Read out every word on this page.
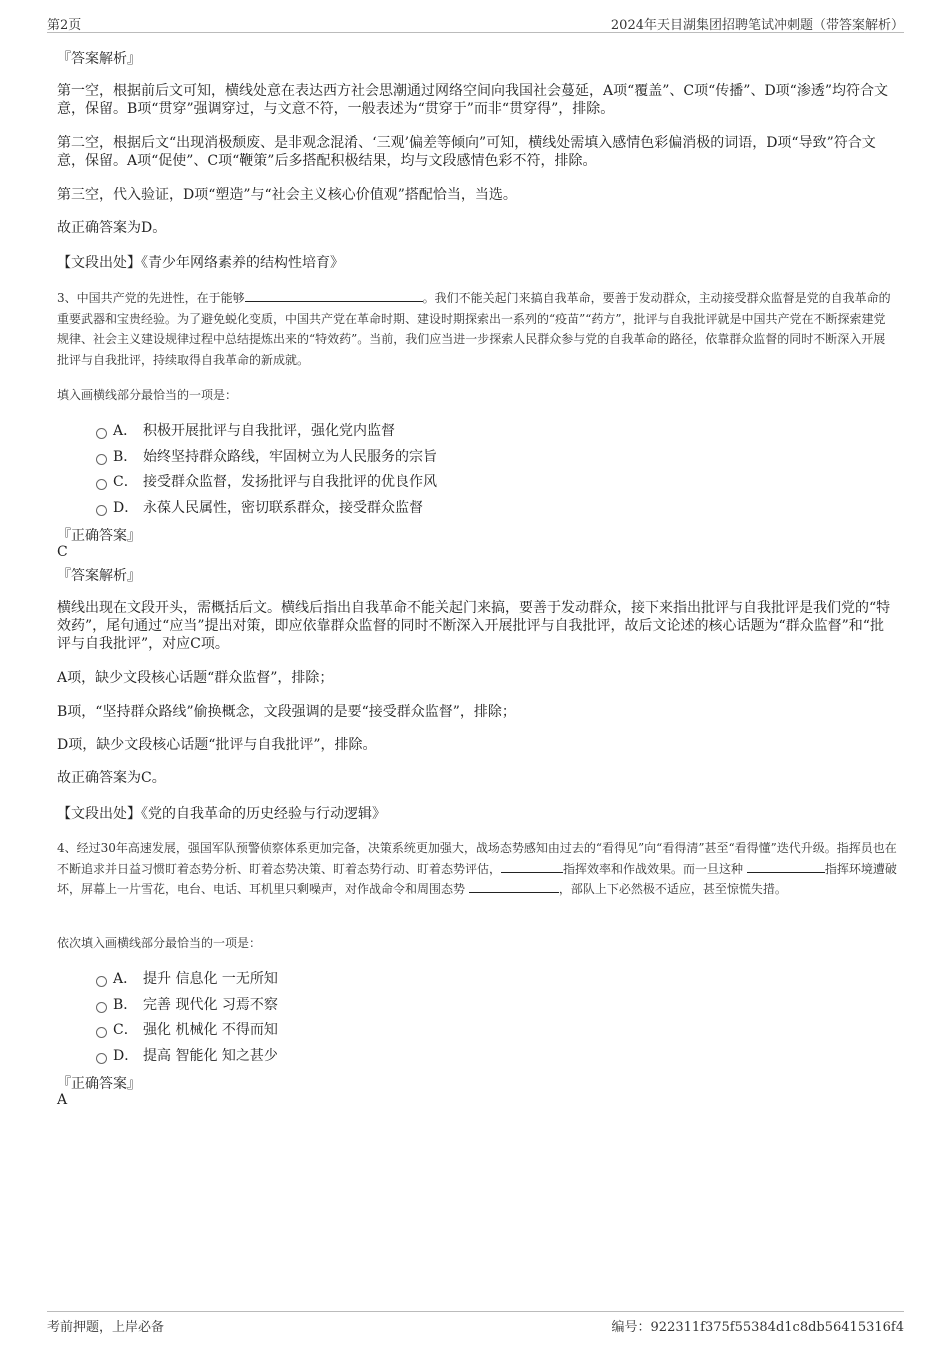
第2页	2024年天目湖集团招聘笔试冲刺题（带答案解析）
『答案解析』
第一空，根据前后文可知，横线处意在表达西方社会思潮通过网络空间向我国社会蔓延，A项“覆盖”、C项“传播”、D项“渗透”均符合文意，保留。B项“贯穿”强调穿过，与文意不符，一般表述为“贯穿于”而非“贯穿得”，排除。
第二空，根据后文“出现消极颓废、是非观念混淆、‘三观’偏差等倾向”可知，横线处需填入感情色彩偏消极的词语，D项“导致”符合文意，保留。A项“促使”、C项“鞭策”后多搭配积极结果，均与文段感情色彩不符，排除。
第三空，代入验证，D项“塑造”与“社会主义核心价值观”搭配恰当，当选。
故正确答案为D。
【文段出处】《青少年网络素养的结构性培育》
3、中国共产党的先进性，在于能够	。我们不能关起门来搞自我革命，要善于发动群众，主动接受群众监督是党的自我革命的重要武器和宝贵经验。为了避免蜕化变质，中国共产党在革命时期、建设时期探索出一系列的“疫苗”“药方”，批评与自我批评就是中国共产党在不断探索建党规律、社会主义建设规律过程中总结提炼出来的“特效药”。当前，我们应当进一步探索人民群众参与党的自我革命的路径，依靠群众监督的同时不断深入开展批评与自我批评，持续取得自我革命的新成就。
填入画横线部分最恰当的一项是：
A． 积极开展批评与自我批评，强化党内监督
B． 始终坚持群众路线，牢固树立为人民服务的宗旨
C． 接受群众监督，发扬批评与自我批评的优良作风
D． 永葆人民属性，密切联系群众，接受群众监督
『正确答案』
C
『答案解析』
横线出现在文段开头，需概括后文。横线后指出自我革命不能关起门来搞，要善于发动群众，接下来指出批评与自我批评是我们党的“特效药”，尾句通过“应当”提出对策，即应依靠群众监督的同时不断深入开展批评与自我批评，故后文论述的核心话题为“群众监督”和“批评与自我批评”，对应C项。
A项，缺少文段核心话题“群众监督”，排除；
B项，“坚持群众路线”偷换概念，文段强调的是要“接受群众监督”，排除；
D项，缺少文段核心话题“批评与自我批评”，排除。
故正确答案为C。
【文段出处】《党的自我革命的历史经验与行动逻辑》
4、经过30年高速发展，强国军队预警侦察体系更加完备，决策系统更加强大，战场态势感知由过去的“看得见”向“看得清”甚至“看得懂”迭代升级。指挥员也在不断追求并日益习惯盯着态势分析、盯着态势决策、盯着态势行动、盯着态势评估，	指挥效率和作战效果。而一旦这种	指挥环境遭破坏，屏幕上一片雪花，电台、电话、耳机里只剩噪声，对作战命令和周围态势	，部队上下必然极不适应，甚至惊慌失措。
依次填入画横线部分最恰当的一项是：
A． 提升 信息化 一无所知
B． 完善 现代化 习焉不察
C． 强化 机械化 不得而知
D． 提高 智能化 知之甚少
『正确答案』
A
考前押题，上岸必备	编号：922311f375f55384d1c8db56415316f4
